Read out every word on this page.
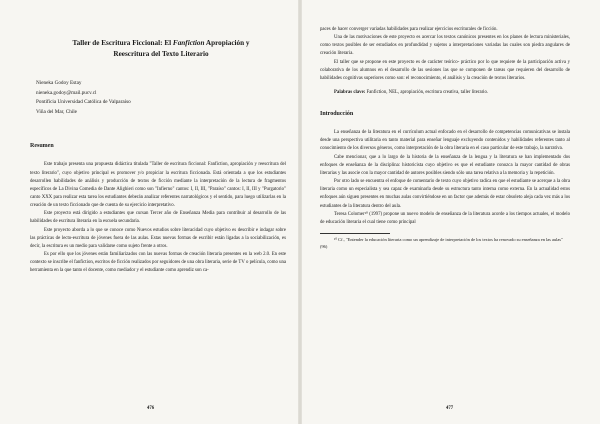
Taller de Escritura Ficcional: El Fanfiction Apropiación y
Reescritura del Texto Literario
Nieneka Godoy Estay
nieneka.godoy@mail.pucv.cl
Pontificia Universidad Católica de Valparaíso
Viña del Mar, Chile
Resumen

Este trabajo presenta una propuesta didáctica titulada "Taller de escritura ficcional: Fanfiction, apropiación y reescritura del texto literario", cuyo objetivo principal es promover y/o propiciar la escritura ficcionada. Está orientada a que los estudiantes desarrollen habilidades de análisis y producción de textos de ficción mediante la interpretación de la lectura de fragmentos específicos de La Divina Comedia de Dante Alighieri como son "Infierno" cantos: I, II, III, "Paraíso" cantos: I, II, III y "Purgatorio" canto XXX para realizar esta tarea los estudiantes deberán analizar referentes narratológicos y el sentido, para luego utilizarlas en la creación de un texto ficcionado que de cuenta de su ejercicio interpretativo.

Este proyecto está dirigido a estudiantes que cursan Tercer año de Enseñanza Media para contribuir al desarrollo de las habilidades de escritura literaria en la escuela secundaria.

Este proyecto aborda a lo que se conoce como Nuevos estudios sobre literacidad cuyo objetivo es describir e indagar sobre las prácticas de lecto-escritura de jóvenes fuera de las aulas. Estas nuevas formas de escribir están ligadas a la sociabilización, es decir, la escritura es un medio para validarse como sujeto frente a otros.

Es por ello que los jóvenes están familiarizados con las nuevas formas de creación literaria presentes en la web 2.0. En este contexto se inscribe el fanfiction, escritos de ficción realizados por seguidores de una obra literaria, serie de TV o película, como una herramienta en la que tanto el docente, como mediador y el estudiante como aprendiz son ca-

476

paces de hacer converger variadas habilidades para realizar ejercicios escriturales de ficción.

Una de las motivaciones de este proyecto es acercar los textos canónicos presentes en los planes de lectura ministeriales, como textos posibles de ser estudiados en profundidad y sujetos a interpretaciones variadas las cuales son piedra angulares de creación literaria.

El taller que se propone en este proyecto es de carácter teórico- práctico por lo que requiere de la participación activa y colaborativa de los alumnos en el desarrollo de las sesiones las que se componen de tareas que requieren del desarrollo de habilidades cognitivas superiores como son: el reconocimiento, el análisis y la creación de textos literarios.

Palabras clave: Fanfiction, NEL, apropiación, escritura creativa, taller literario.
Introducción

La enseñanza de la literatura en el currículum actual enfocado en el desarrollo de competencias comunicativas se instala desde una perspectiva utilitaria en tanto material para enseñar lenguaje excluyendo contenidos y habilidades referentes tanto al conocimiento de los diversos géneros, como interpretación de la obra literaria en el caso particular de este trabajo, la narrativa.

Cabe mencionar, que a lo largo de la historia de la enseñanza de la lengua y la literatura se han implementado dos enfoques de enseñanza de la disciplina: historicista cuyo objetivo es que el estudiante conozca la mayor cantidad de obras literarias y las asocie con la mayor cantidad de autores posibles siendo sólo una tarea relativa a la memoria y la repetición.

Por otro lado se encuentra el enfoque de comentario de texto cuyo objetivo radica en que el estudiante se acerque a la obra literaria como un especialista y sea capaz de examinarla desde su estructura tanto interna como externa. En la actualidad estos enfoques aún siguen presentes en muchas aulas convirtiéndose en un factor que además de estar obsoleto aleja cada vez más a los estudiantes de la literatura dentro del aula.

Teresa Colomer¹⁰ (1997) propone un nuevo modelo de enseñanza de la literatura acorde a los tiempos actuales, el modelo de educación literaria el cual tiene como principal

¹⁰ Cf., "Entender la educación literaria como un aprendizaje de interpretación de los textos ha renovado su enseñanza en las aulas" (96)

477
